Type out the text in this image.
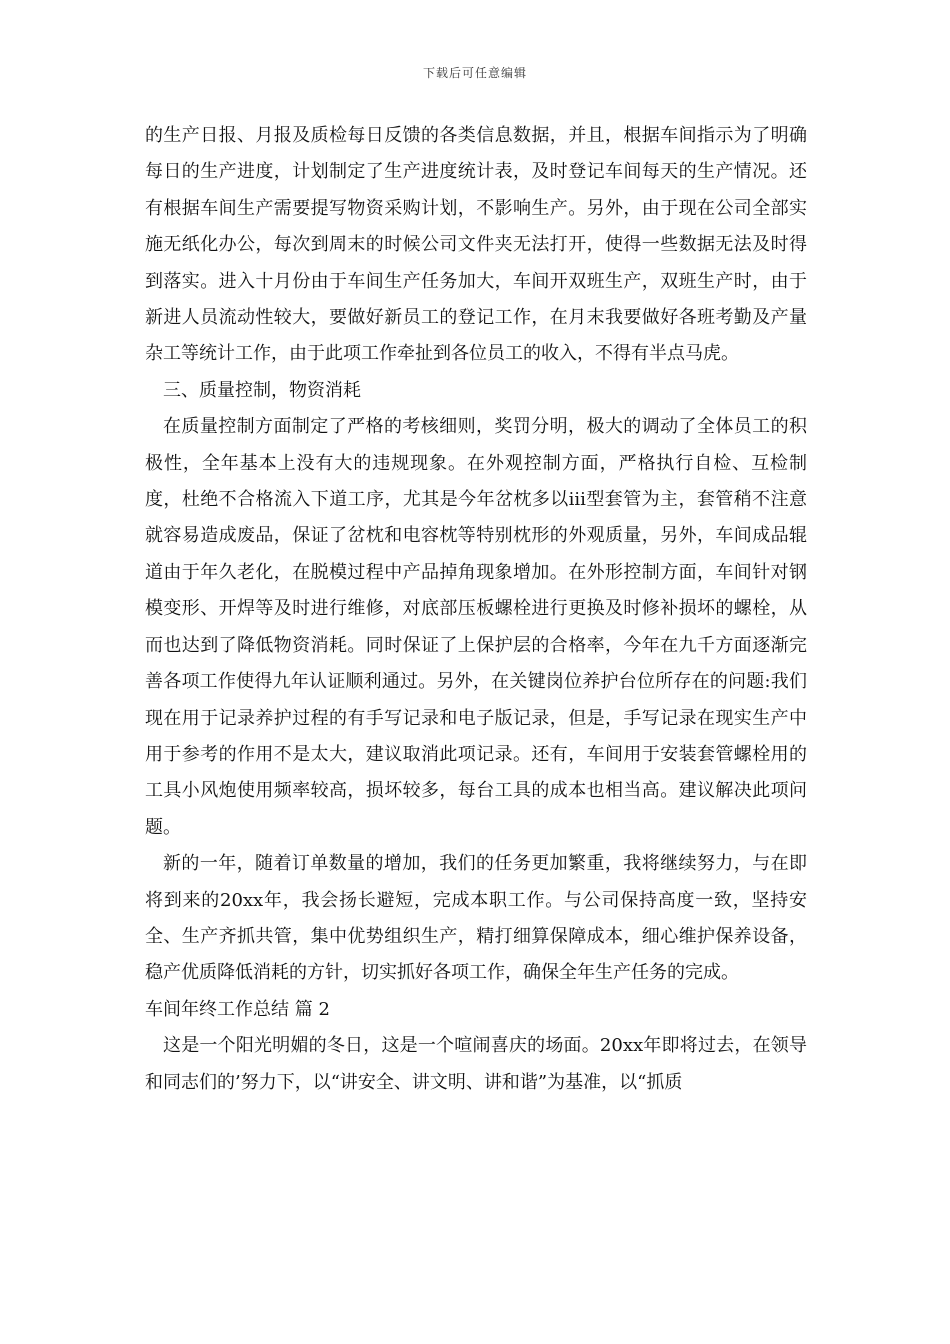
下载后可任意编辑

的生产日报、月报及质检每日反馈的各类信息数据，并且，根据车间指示为了明确每日的生产进度，计划制定了生产进度统计表，及时登记车间每天的生产情况。还有根据车间生产需要提写物资采购计划，不影响生产。另外，由于现在公司全部实施无纸化办公，每次到周末的时候公司文件夹无法打开，使得一些数据无法及时得到落实。进入十月份由于车间生产任务加大，车间开双班生产，双班生产时，由于新进人员流动性较大，要做好新员工的登记工作，在月末我要做好各班考勤及产量杂工等统计工作，由于此项工作牵扯到各位员工的收入，不得有半点马虎。

三、质量控制，物资消耗

在质量控制方面制定了严格的考核细则，奖罚分明，极大的调动了全体员工的积极性，全年基本上没有大的违规现象。在外观控制方面，严格执行自检、互检制度，杜绝不合格流入下道工序，尤其是今年岔枕多以iii型套管为主，套管稍不注意就容易造成废品，保证了岔枕和电容枕等特别枕形的外观质量，另外，车间成品辊道由于年久老化，在脱模过程中产品掉角现象增加。在外形控制方面，车间针对钢模变形、开焊等及时进行维修，对底部压板螺栓进行更换及时修补损坏的螺栓，从而也达到了降低物资消耗。同时保证了上保护层的合格率，今年在九千方面逐渐完善各项工作使得九年认证顺利通过。另外，在关键岗位养护台位所存在的问题:我们现在用于记录养护过程的有手写记录和电子版记录，但是，手写记录在现实生产中用于参考的作用不是太大，建议取消此项记录。还有，车间用于安装套管螺栓用的工具小风炮使用频率较高，损坏较多，每台工具的成本也相当高。建议解决此项问题。

新的一年，随着订单数量的增加，我们的任务更加繁重，我将继续努力，与在即将到来的20xx年，我会扬长避短，完成本职工作。与公司保持高度一致，坚持安全、生产齐抓共管，集中优势组织生产，精打细算保障成本，细心维护保养设备，稳产优质降低消耗的方针，切实抓好各项工作，确保全年生产任务的完成。

车间年终工作总结 篇 2

这是一个阳光明媚的冬日，这是一个喧闹喜庆的场面。20xx年即将过去，在领导和同志们的’努力下，以“讲安全、讲文明、讲和谐”为基准，以“抓质
